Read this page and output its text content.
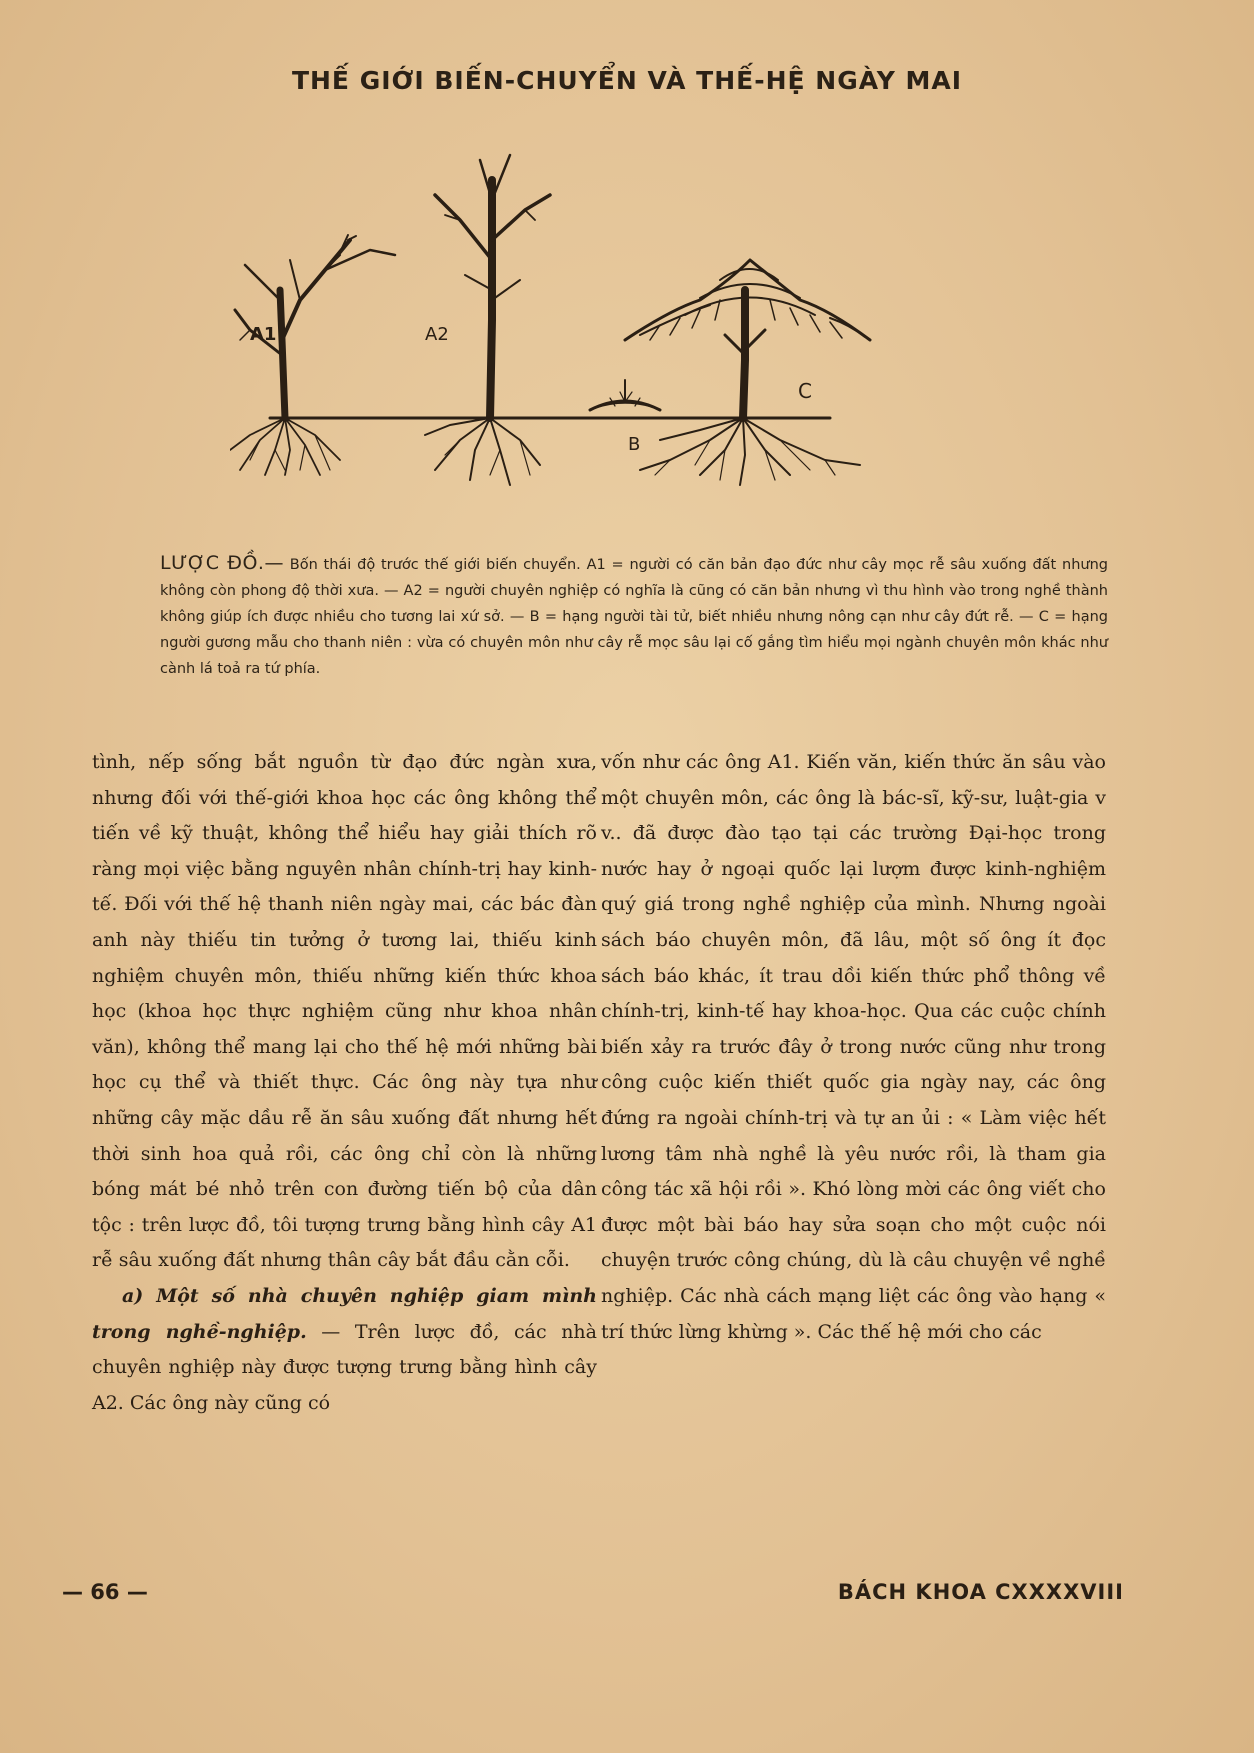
THẾ GIỚI BIẾN-CHUYỂN VÀ THẾ-HỆ NGÀY MAI
A1	A2
B
C
LƯỢC ĐỒ.— Bốn thái độ trước thế giới biến chuyển. A1 = người có căn bản đạo đức như cây mọc rễ sâu xuống đất nhưng không còn phong độ thời xưa. — A2 = người chuyên nghiệp có nghĩa là cũng có căn bản nhưng vì thu hình vào trong nghề thành không giúp ích được nhiều cho tương lai xứ sở. — B = hạng người tài tử, biết nhiều nhưng nông cạn như cây đứt rễ. — C = hạng người gương mẫu cho thanh niên : vừa có chuyên môn như cây rễ mọc sâu lại cố gắng tìm hiểu mọi ngành chuyên môn khác như cành lá toả ra tứ phía.

tình, nếp sống bắt nguồn từ đạo đức ngàn xưa, nhưng đối với thế-giới khoa học các ông không thể tiến về kỹ thuật, không thể hiểu hay giải thích rõ ràng mọi việc bằng nguyên nhân chính-trị hay kinh-tế. Đối với thế hệ thanh niên ngày mai, các bác đàn anh này thiếu tin tưởng ở tương lai, thiếu kinh nghiệm chuyên môn, thiếu những kiến thức khoa học (khoa học thực nghiệm cũng như khoa nhân văn), không thể mang lại cho thế hệ mới những bài học cụ thể và thiết thực. Các ông này tựa như những cây mặc dầu rễ ăn sâu xuống đất nhưng hết thời sinh hoa quả rồi, các ông chỉ còn là những bóng mát bé nhỏ trên con đường tiến bộ của dân tộc : trên lược đồ, tôi tượng trưng bằng hình cây A1 rễ sâu xuống đất nhưng thân cây bắt đầu cằn cỗi.

a) Một số nhà chuyên nghiệp giam mình trong nghề-nghiệp. — Trên lược đồ, các nhà chuyên nghiệp này được tượng trưng bằng hình cây A2. Các ông này cũng có

vốn như các ông A1. Kiến văn, kiến thức ăn sâu vào một chuyên môn, các ông là bác-sĩ, kỹ-sư, luật-gia v v.. đã được đào tạo tại các trường Đại-học trong nước hay ở ngoại quốc lại lượm được kinh-nghiệm quý giá trong nghề nghiệp của mình. Nhưng ngoài sách báo chuyên môn, đã lâu, một số ông ít đọc sách báo khác, ít trau dồi kiến thức phổ thông về chính-trị, kinh-tế hay khoa-học. Qua các cuộc chính biến xảy ra trước đây ở trong nước cũng như trong công cuộc kiến thiết quốc gia ngày nay, các ông đứng ra ngoài chính-trị và tự an ủi : « Làm việc hết lương tâm nhà nghề là yêu nước rồi, là tham gia công tác xã hội rồi ». Khó lòng mời các ông viết cho được một bài báo hay sửa soạn cho một cuộc nói chuyện trước công chúng, dù là câu chuyện về nghề nghiệp. Các nhà cách mạng liệt các ông vào hạng « trí thức lừng khừng ». Các thế hệ mới cho các

— 66 —	BÁCH KHOA CXXXXVIII
